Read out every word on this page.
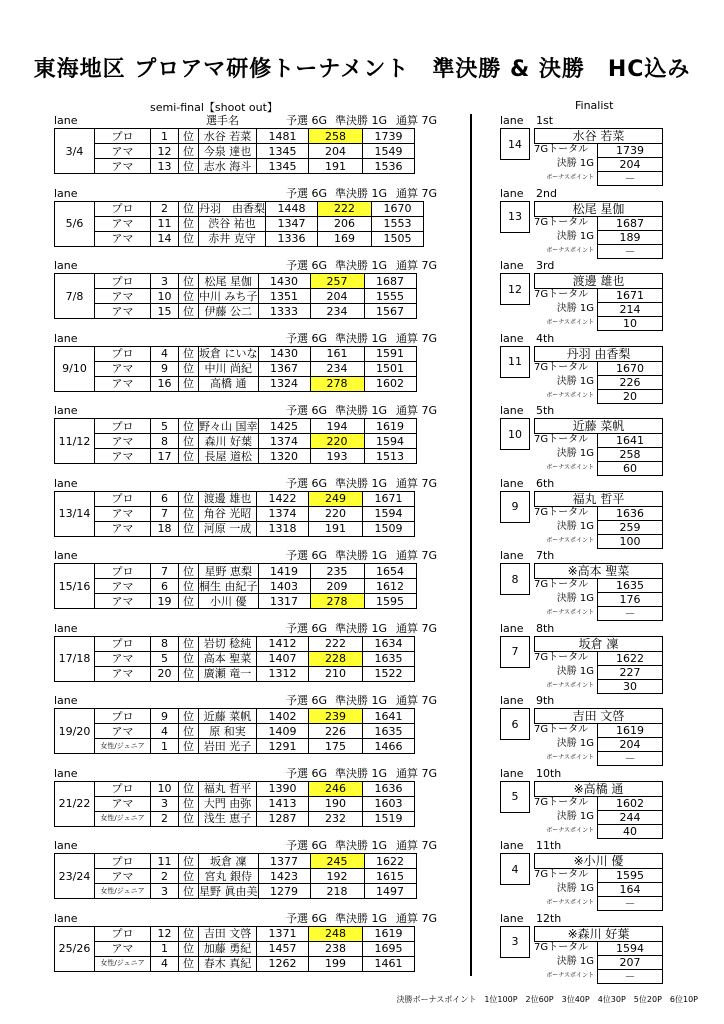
東海地区 プロアマ研修トーナメント　準決勝 & 決勝　HC込み
semi-final【shoot out】	Finalist
lane	選手名	予選 6G 準決勝 1G 通算 7G
3/4	プロ	1	位	水谷 若菜	1481	258	1739
	アマ	12	位	今泉 達也	1345	204	1549
	アマ	13	位	志水 海斗	1345	191	1536
lane	予選 6G 準決勝 1G 通算 7G
5/6	プロ	2	位	丹羽　由香梨	1448	222	1670
	アマ	11	位	渋谷 祐也	1347	206	1553
	アマ	14	位	赤井 克守	1336	169	1505
lane	予選 6G 準決勝 1G 通算 7G
7/8	プロ	3	位	松尾 星伽	1430	257	1687
	アマ	10	位	中川 みち子	1351	204	1555
	アマ	15	位	伊藤 公二	1333	234	1567
lane	予選 6G 準決勝 1G 通算 7G
9/10	プロ	4	位	坂倉 にいな	1430	161	1591
	アマ	9	位	中川 尚紀	1367	234	1501
	アマ	16	位	高橋 通	1324	278	1602
lane	予選 6G 準決勝 1G 通算 7G
11/12	プロ	5	位	野々山 国幸	1425	194	1619
	アマ	8	位	森川 好葉	1374	220	1594
	アマ	17	位	長屋 道松	1320	193	1513
lane	予選 6G 準決勝 1G 通算 7G
13/14	プロ	6	位	渡邊 雄也	1422	249	1671
	アマ	7	位	角谷 光昭	1374	220	1594
	アマ	18	位	河原 一成	1318	191	1509
lane	予選 6G 準決勝 1G 通算 7G
15/16	プロ	7	位	星野 恵梨	1419	235	1654
	アマ	6	位	桐生 由紀子	1403	209	1612
	アマ	19	位	小川 優	1317	278	1595
lane	予選 6G 準決勝 1G 通算 7G
17/18	プロ	8	位	岩切 稔純	1412	222	1634
	アマ	5	位	高本 聖菜	1407	228	1635
	アマ	20	位	廣瀬 竜一	1312	210	1522
lane	予選 6G 準決勝 1G 通算 7G
19/20	プロ	9	位	近藤 菜帆	1402	239	1641
	アマ	4	位	原 和実	1409	226	1635
	女性/ジュニア	1	位	岩田 光子	1291	175	1466
lane	予選 6G 準決勝 1G 通算 7G
21/22	プロ	10	位	福丸 哲平	1390	246	1636
	アマ	3	位	大門 由弥	1413	190	1603
	女性/ジュニア	2	位	浅生 恵子	1287	232	1519
lane	予選 6G 準決勝 1G 通算 7G
23/24	プロ	11	位	坂倉 凜	1377	245	1622
	アマ	2	位	宮丸 銀侍	1423	192	1615
	女性/ジュニア	3	位	星野 眞由美	1279	218	1497
lane	予選 6G 準決勝 1G 通算 7G
25/26	プロ	12	位	吉田 文啓	1371	248	1619
	アマ	1	位	加藤 勇紀	1457	238	1695
	女性/ジュニア	4	位	春木 真紀	1262	199	1461
lane 1st
14
水谷 若菜
7Gトータル	1739
決勝 1G	204
ボーナスポイント	－
lane 2nd
13
松尾 星伽
7Gトータル	1687
決勝 1G	189
ボーナスポイント	－
lane 3rd
12
渡邊 雄也
7Gトータル	1671
決勝 1G	214
ボーナスポイント	10
lane 4th
11
丹羽 由香梨
7Gトータル	1670
決勝 1G	226
ボーナスポイント	20
lane 5th
10
近藤 菜帆
7Gトータル	1641
決勝 1G	258
ボーナスポイント	60
lane 6th
9
福丸 哲平
7Gトータル	1636
決勝 1G	259
ボーナスポイント	100
lane 7th
8
※高本 聖菜
7Gトータル	1635
決勝 1G	176
ボーナスポイント	－
lane 8th
7
坂倉 凜
7Gトータル	1622
決勝 1G	227
ボーナスポイント	30
lane 9th
6
吉田 文啓
7Gトータル	1619
決勝 1G	204
ボーナスポイント	－
lane 10th
5
※高橋 通
7Gトータル	1602
決勝 1G	244
ボーナスポイント	40
lane 11th
4
※小川 優
7Gトータル	1595
決勝 1G	164
ボーナスポイント	－
lane 12th
3
※森川 好葉
7Gトータル	1594
決勝 1G	207
ボーナスポイント	－
決勝ボーナスポイント　1位100P　2位60P　3位40P　4位30P　5位20P　6位10P
